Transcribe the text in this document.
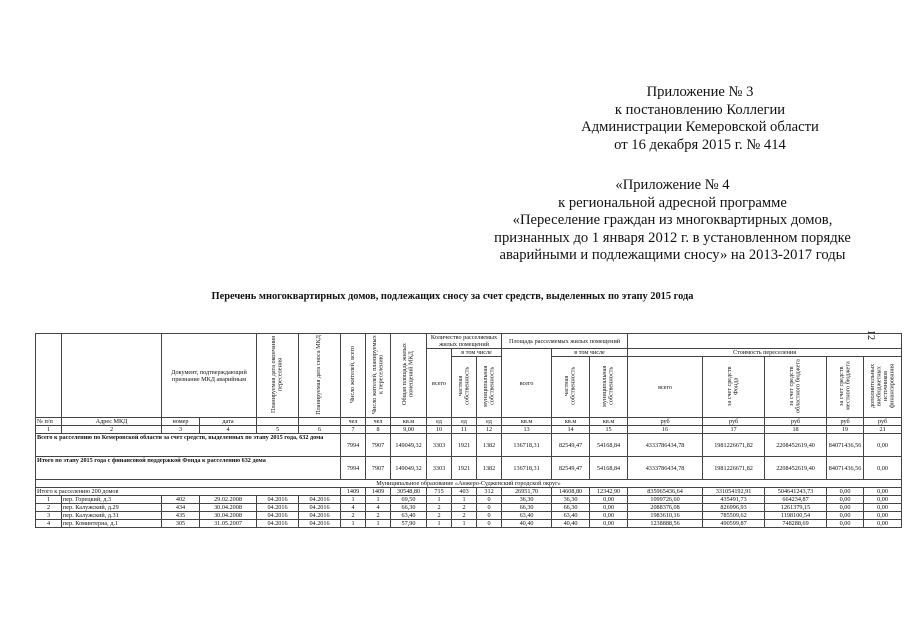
Приложение № 3
к постановлению Коллегии
Администрации Кемеровской области
от 16 декабря 2015 г. № 414
«Приложение № 4
к региональной адресной программе
«Переселение граждан из многоквартирных домов,
признанных до 1 января 2012 г. в установленном порядке
аварийными и подлежащими сносу» на 2013-2017 годы
Перечень многоквартирных домов, подлежащих сносу за счет средств, выделенных по этапу 2015 года
12
		Документ, подтверждающий признание МКД аварийным		Планируемая дата окончания переселения	Планируемая дата сноса МКД	Число жителей, всего	Число жителей, планируемых к переселению	Общая площадь жилых помещений МКД	Количество расселяемых жилых помещений			Площадь расселяемых жилых помещений							
									всего	в том числе		всего	в том числе		Стоимость переселения				
										частная собственность	муниципальная собственность		частная собственность	муниципальная собственность	всего	за счет средств Фонда	за счет средств областного бюджета	за счет средств местного бюджета	дополнительных внебюджетных источников финансирования
№ п/п	Адрес МКД	номер	дата			чел	чел	кв.м	ед	ед	ед	кв.м	кв.м	кв.м	руб	руб	руб	руб	руб
1	2	3	4	5	6	7	8	9,00	10	11	12	13	14	15	16	17	18	19	21
Всего к расселению по Кемеровской области за счет средств, выделенных по этапу 2015 года, 632 дома						7994	7907	149049,32	3303	1921	1382	136718,31	82549,47	54168,84	4333786434,78	1981226671,82	2208452619,40	84071436,56	0,00
Итого по этапу 2015 года с финансовой поддержкой Фонда к расселению 632 дома						7994	7907	149049,32	3303	1921	1382	136718,31	82549,47	54168,84	4333786434,78	1981226671,82	2208452619,40	84071436,56	0,00
Муниципальное образование «Анжеро-Судженский городской округ»																			
Итого к расселению 200 домов						1409	1409	30548,80	715	403	312	26951,70	14608,80	12342,90	835965436,64	331054192,91	504641243,73	0,00	0,00
1	пер. Горецкий, д.3	402	29.02.2008	04.2016	04.2016	1	1	69,50	1	1	0	36,30	36,30	0,00	1099726,60	435491,73	664234,87	0,00	0,00
2	пер. Калужский, д.29	434	30.04.2008	04.2016	04.2016	4	4	66,30	2	2	0	66,30	66,30	0,00	2088376,08	826996,93	1261379,15	0,00	0,00
3	пер. Калужский, д.31	435	30.04.2008	04.2016	04.2016	2	2	63,40	2	2	0	63,40	63,40	0,00	1983610,16	785509,62	1198100,54	0,00	0,00
4	пер. Коминтерна, д.1	305	31.05.2007	04.2016	04.2016	1	1	57,90	1	1	0	40,40	40,40	0,00	1238888,56	490599,87	748288,69	0,00	0,00
